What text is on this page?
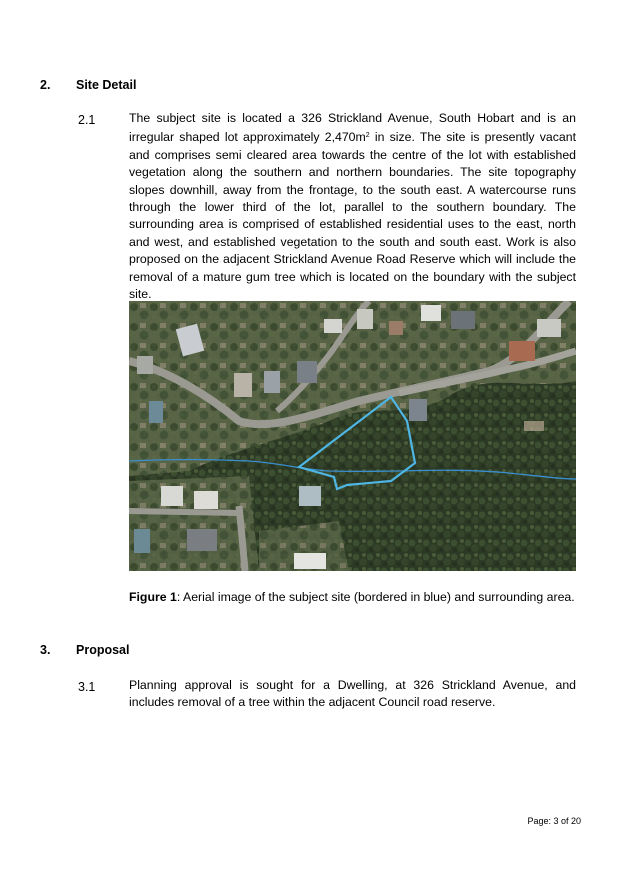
2. Site Detail
2.1	The subject site is located a 326 Strickland Avenue, South Hobart and is an irregular shaped lot approximately $2,470m^2$ in size. The site is presently vacant and comprises semi cleared area towards the centre of the lot with established vegetation along the southern and northern boundaries. The site topography slopes downhill, away from the frontage, to the south east. A watercourse runs through the lower third of the lot, parallel to the southern boundary. The surrounding area is comprised of established residential uses to the east, north and west, and established vegetation to the south and south east. Work is also proposed on the adjacent Strickland Avenue Road Reserve which will include the removal of a mature gum tree which is located on the boundary with the subject site.
Figure 1: Aerial image of the subject site (bordered in blue) and surrounding area.
3. Proposal
3.1	Planning approval is sought for a Dwelling, at 326 Strickland Avenue, and includes removal of a tree within the adjacent Council road reserve.
Page: 3 of 20
